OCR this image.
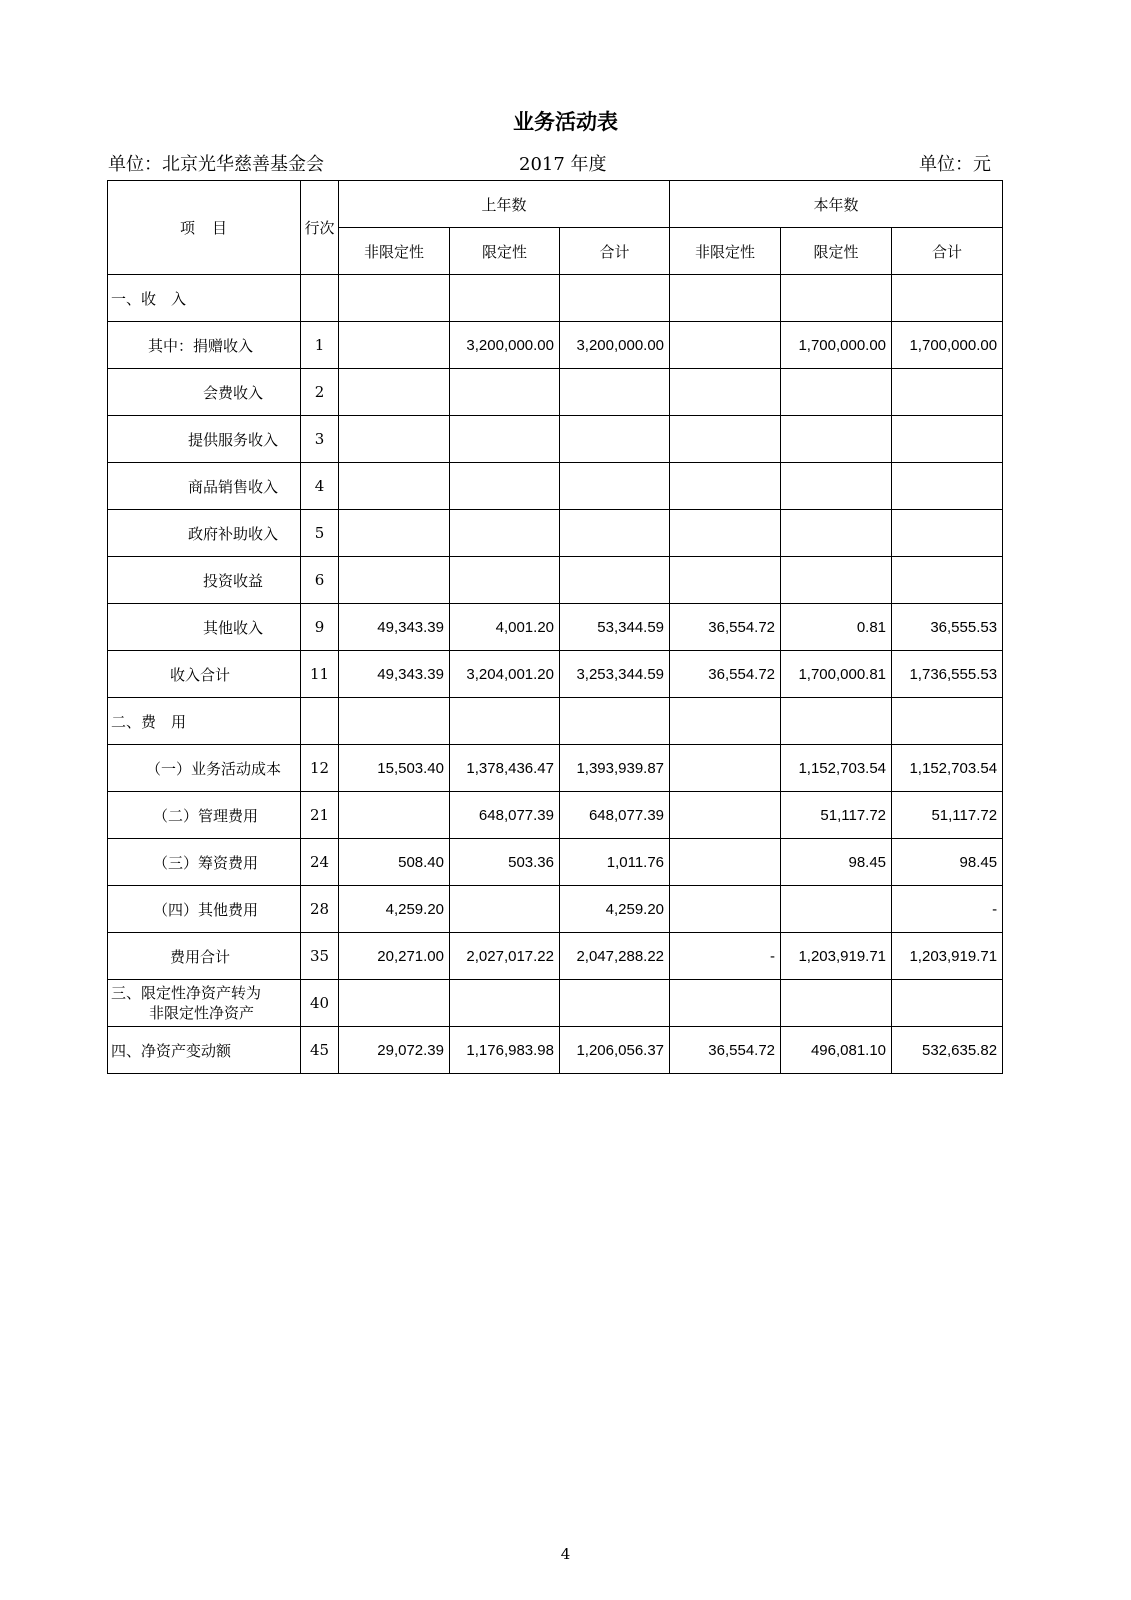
业务活动表
单位：北京光华慈善基金会	2017 年度	单位：元
项　目	行次	上年数			本年数		
		非限定性	限定性	合计	非限定性	限定性	合计
一、收　入							
其中：捐赠收入	1		3,200,000.00	3,200,000.00		1,700,000.00	1,700,000.00
会费收入	2						
提供服务收入	3						
商品销售收入	4						
政府补助收入	5						
投资收益	6						
其他收入	9	49,343.39	4,001.20	53,344.59	36,554.72	0.81	36,555.53
收入合计	11	49,343.39	3,204,001.20	3,253,344.59	36,554.72	1,700,000.81	1,736,555.53
二、费　用							
（一）业务活动成本	12	15,503.40	1,378,436.47	1,393,939.87		1,152,703.54	1,152,703.54
（二）管理费用	21		648,077.39	648,077.39		51,117.72	51,117.72
（三）筹资费用	24	508.40	503.36	1,011.76		98.45	98.45
（四）其他费用	28	4,259.20		4,259.20			-
费用合计	35	20,271.00	2,027,017.22	2,047,288.22	-	1,203,919.71	1,203,919.71
三、限定性净资产转为
非限定性净资产	40						
四、净资产变动额	45	29,072.39	1,176,983.98	1,206,056.37	36,554.72	496,081.10	532,635.82
4
